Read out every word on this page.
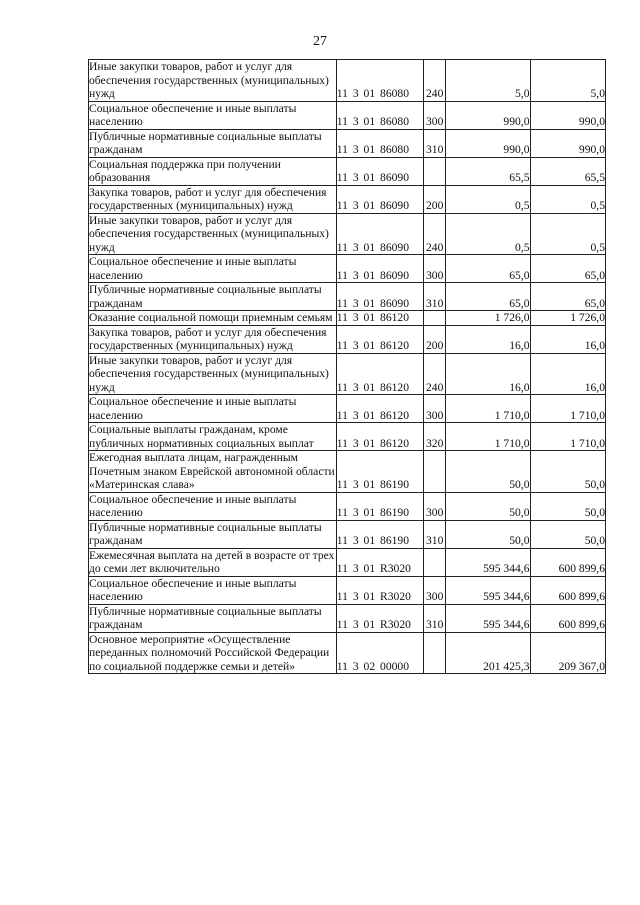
27
Иные закупки товаров, работ и услуг для обеспечения государственных (муниципальных) нужд	11 3 01 86080	240	5,0	5,0
Социальное обеспечение и иные выплаты населению	11 3 01 86080	300	990,0	990,0
Публичные нормативные социальные выплаты гражданам	11 3 01 86080	310	990,0	990,0
Социальная поддержка при получении образования	11 3 01 86090		65,5	65,5
Закупка товаров, работ и услуг для обеспечения государственных (муниципальных) нужд	11 3 01 86090	200	0,5	0,5
Иные закупки товаров, работ и услуг для обеспечения государственных (муниципальных) нужд	11 3 01 86090	240	0,5	0,5
Социальное обеспечение и иные выплаты населению	11 3 01 86090	300	65,0	65,0
Публичные нормативные социальные выплаты гражданам	11 3 01 86090	310	65,0	65,0
Оказание социальной помощи приемным семьям	11 3 01 86120		1 726,0	1 726,0
Закупка товаров, работ и услуг для обеспечения государственных (муниципальных) нужд	11 3 01 86120	200	16,0	16,0
Иные закупки товаров, работ и услуг для обеспечения государственных (муниципальных) нужд	11 3 01 86120	240	16,0	16,0
Социальное обеспечение и иные выплаты населению	11 3 01 86120	300	1 710,0	1 710,0
Социальные выплаты гражданам, кроме публичных нормативных социальных выплат	11 3 01 86120	320	1 710,0	1 710,0
Ежегодная выплата лицам, награжденным Почетным знаком Еврейской автономной области «Материнская слава»	11 3 01 86190		50,0	50,0
Социальное обеспечение и иные выплаты населению	11 3 01 86190	300	50,0	50,0
Публичные нормативные социальные выплаты гражданам	11 3 01 86190	310	50,0	50,0
Ежемесячная выплата на детей в возрасте от трех до семи лет включительно	11 3 01 R3020		595 344,6	600 899,6
Социальное обеспечение и иные выплаты населению	11 3 01 R3020	300	595 344,6	600 899,6
Публичные нормативные социальные выплаты гражданам	11 3 01 R3020	310	595 344,6	600 899,6
Основное мероприятие «Осуществление переданных полномочий Российской Федерации по социальной поддержке семьи и детей»	11 3 02 00000		201 425,3	209 367,0
